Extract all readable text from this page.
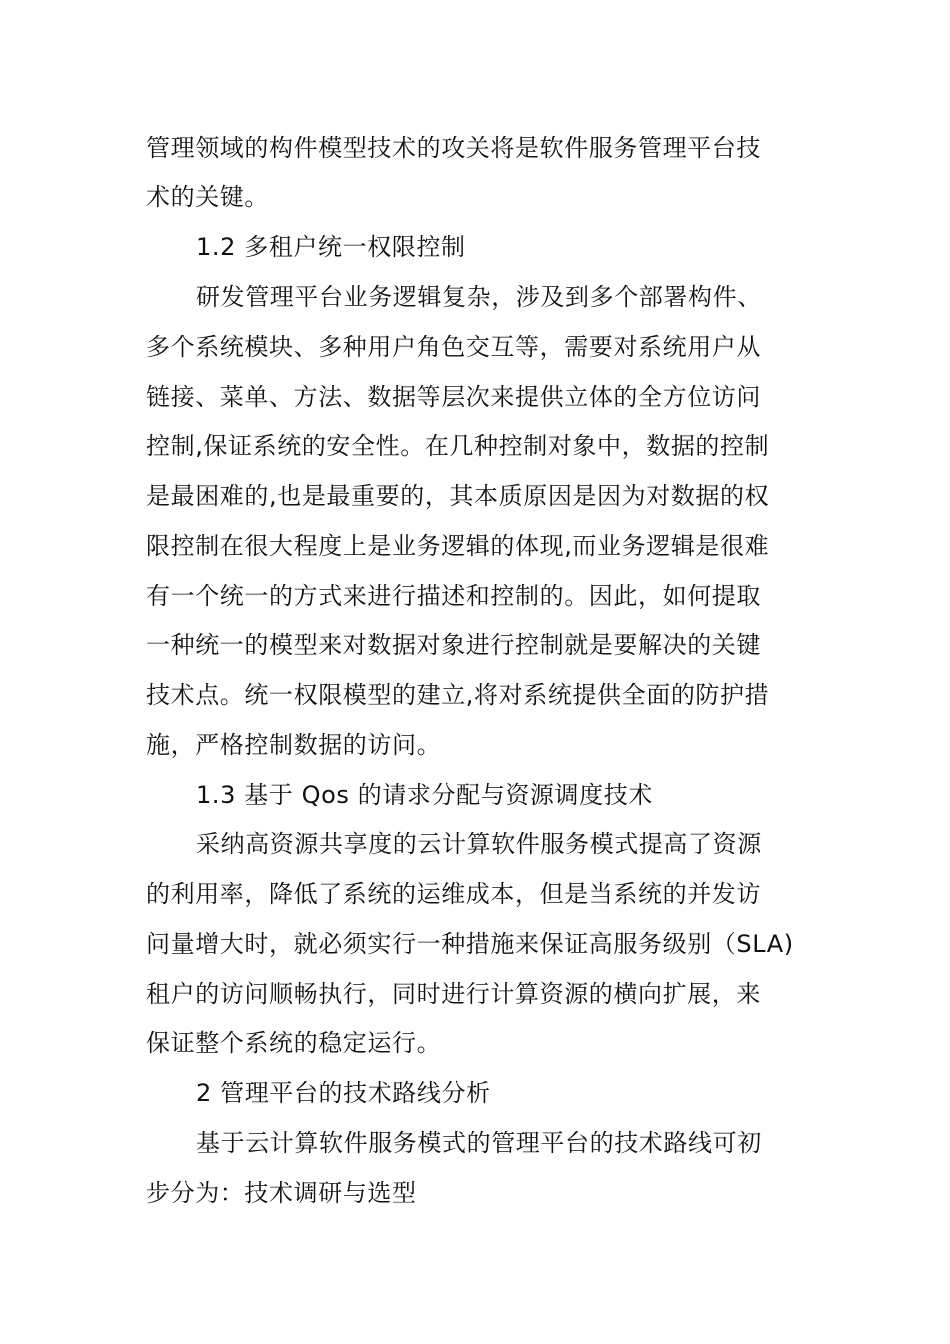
管理领域的构件模型技术的攻关将是软件服务管理平台技
术的关键。
1.2 多租户统一权限控制
研发管理平台业务逻辑复杂，涉及到多个部署构件、
多个系统模块、多种用户角色交互等，需要对系统用户从
链接、菜单、方法、数据等层次来提供立体的全方位访问
控制,保证系统的安全性。在几种控制对象中，数据的控制
是最困难的,也是最重要的，其本质原因是因为对数据的权
限控制在很大程度上是业务逻辑的体现,而业务逻辑是很难
有一个统一的方式来进行描述和控制的。因此，如何提取
一种统一的模型来对数据对象进行控制就是要解决的关键
技术点。统一权限模型的建立,将对系统提供全面的防护措
施，严格控制数据的访问。
1.3 基于 Qos 的请求分配与资源调度技术
采纳高资源共享度的云计算软件服务模式提高了资源
的利用率，降低了系统的运维成本，但是当系统的并发访
问量增大时，就必须实行一种措施来保证高服务级别（SLA)
租户的访问顺畅执行，同时进行计算资源的横向扩展，来
保证整个系统的稳定运行。
2 管理平台的技术路线分析
基于云计算软件服务模式的管理平台的技术路线可初
步分为：技术调研与选型
